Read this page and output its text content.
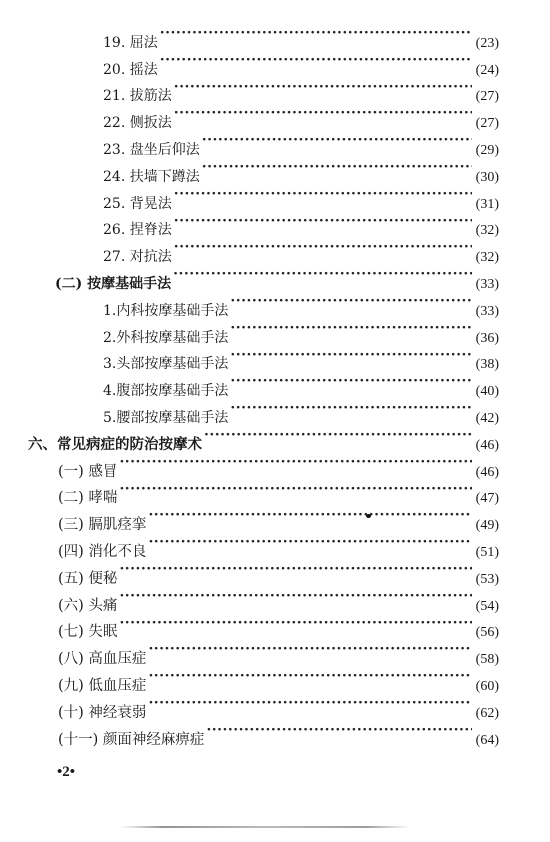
19. 屈法 ·····	(23)
20. 摇法 ·····	(24)
21. 拔筋法 ·····	(27)
22. 侧扳法 ·····	(27)
23. 盘坐后仰法 ·····	(29)
24. 扶墙下蹲法 ·····	(30)
25. 背晃法 ·····	(31)
26. 捏脊法 ·····	(32)
27. 对抗法 ·····	(32)
(二) 按摩基础手法 ·····	(33)
1.内科按摩基础手法 ·····	(33)
2.外科按摩基础手法 ·····	(36)
3.头部按摩基础手法 ·····	(38)
4.腹部按摩基础手法 ·····	(40)
5.腰部按摩基础手法 ·····	(42)
六、常见病症的防治按摩术 ·····	(46)
(一) 感冒 ·····	(46)
(二) 哮喘 ·····	(47)
(三) 膈肌痉挛 ·····	(49)
(四) 消化不良 ·····	(51)
(五) 便秘 ·····	(53)
(六) 头痛 ·····	(54)
(七) 失眠 ·····	(56)
(八) 高血压症 ·····	(58)
(九) 低血压症 ·····	(60)
(十) 神经衰弱 ·····	(62)
(十一) 颜面神经麻痹症 ·····	(64)
•2•
